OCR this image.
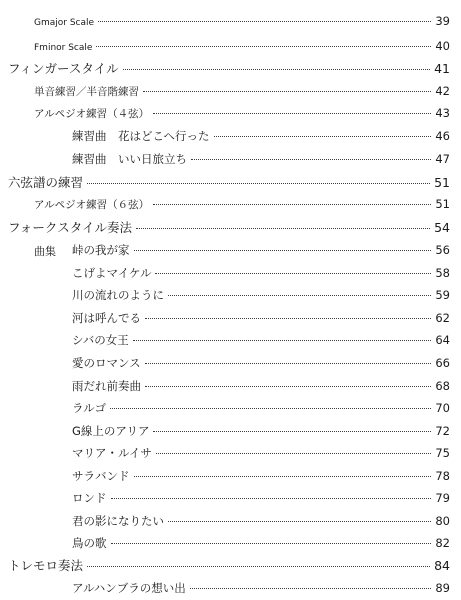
Gmajor Scale	39
Fminor Scale	40
フィンガースタイル	41
単音練習／半音階練習	42
アルペジオ練習（４弦）	43
練習曲　花はどこへ行った	46
練習曲　いい日旅立ち	47
六弦譜の練習	51
アルペジオ練習（６弦）	51
フォークスタイル奏法	54
曲集 峠の我が家	56
こげよマイケル	58
川の流れのように	59
河は呼んでる	62
シバの女王	64
愛のロマンス	66
雨だれ前奏曲	68
ラルゴ	70
G線上のアリア	72
マリア・ルイサ	75
サラバンド	78
ロンド	79
君の影になりたい	80
鳥の歌	82
トレモロ奏法	84
アルハンブラの想い出	89
